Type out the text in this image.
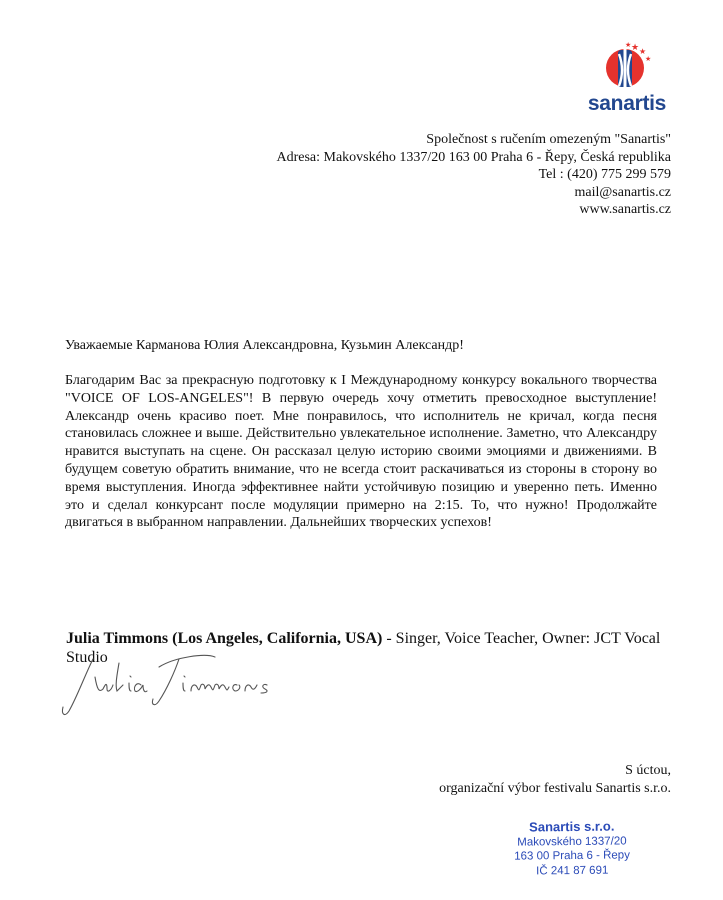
★ ★
★
★
sanartis
Společnost s ručením omezeným "Sanartis"
Adresa: Makovského 1337/20 163 00 Praha 6 - Řepy, Česká republika
Tel : (420) 775 299 579
mail@sanartis.cz
www.sanartis.cz
Уважаемые Карманова Юлия Александровна, Кузьмин Александр!
Благодарим Вас за прекрасную подготовку к I Международному конкурсу вокального творчества "VOICE OF LOS-ANGELES"! В первую очередь хочу отметить превосходное выступление! Александр очень красиво поет. Мне понравилось, что исполнитель не кричал, когда песня становилась сложнее и выше. Действительно увлекательное исполнение. Заметно, что Александру нравится выступать на сцене. Он рассказал целую историю своими эмоциями и движениями. В будущем советую обратить внимание, что не всегда стоит раскачиваться из стороны в сторону во время выступления. Иногда эффективнее найти устойчивую позицию и уверенно петь. Именно это и сделал конкурсант после модуляции примерно на 2:15. То, что нужно! Продолжайте двигаться в выбранном направлении. Дальнейших творческих успехов!
Julia Timmons (Los Angeles, California, USA) - Singer, Voice Teacher, Owner: JCT Vocal Studio
S úctou,
organizační výbor festivalu Sanartis s.r.o.
Sanartis s.r.o.
Makovského 1337/20
163 00 Praha 6 - Řepy
IČ 241 87 691
